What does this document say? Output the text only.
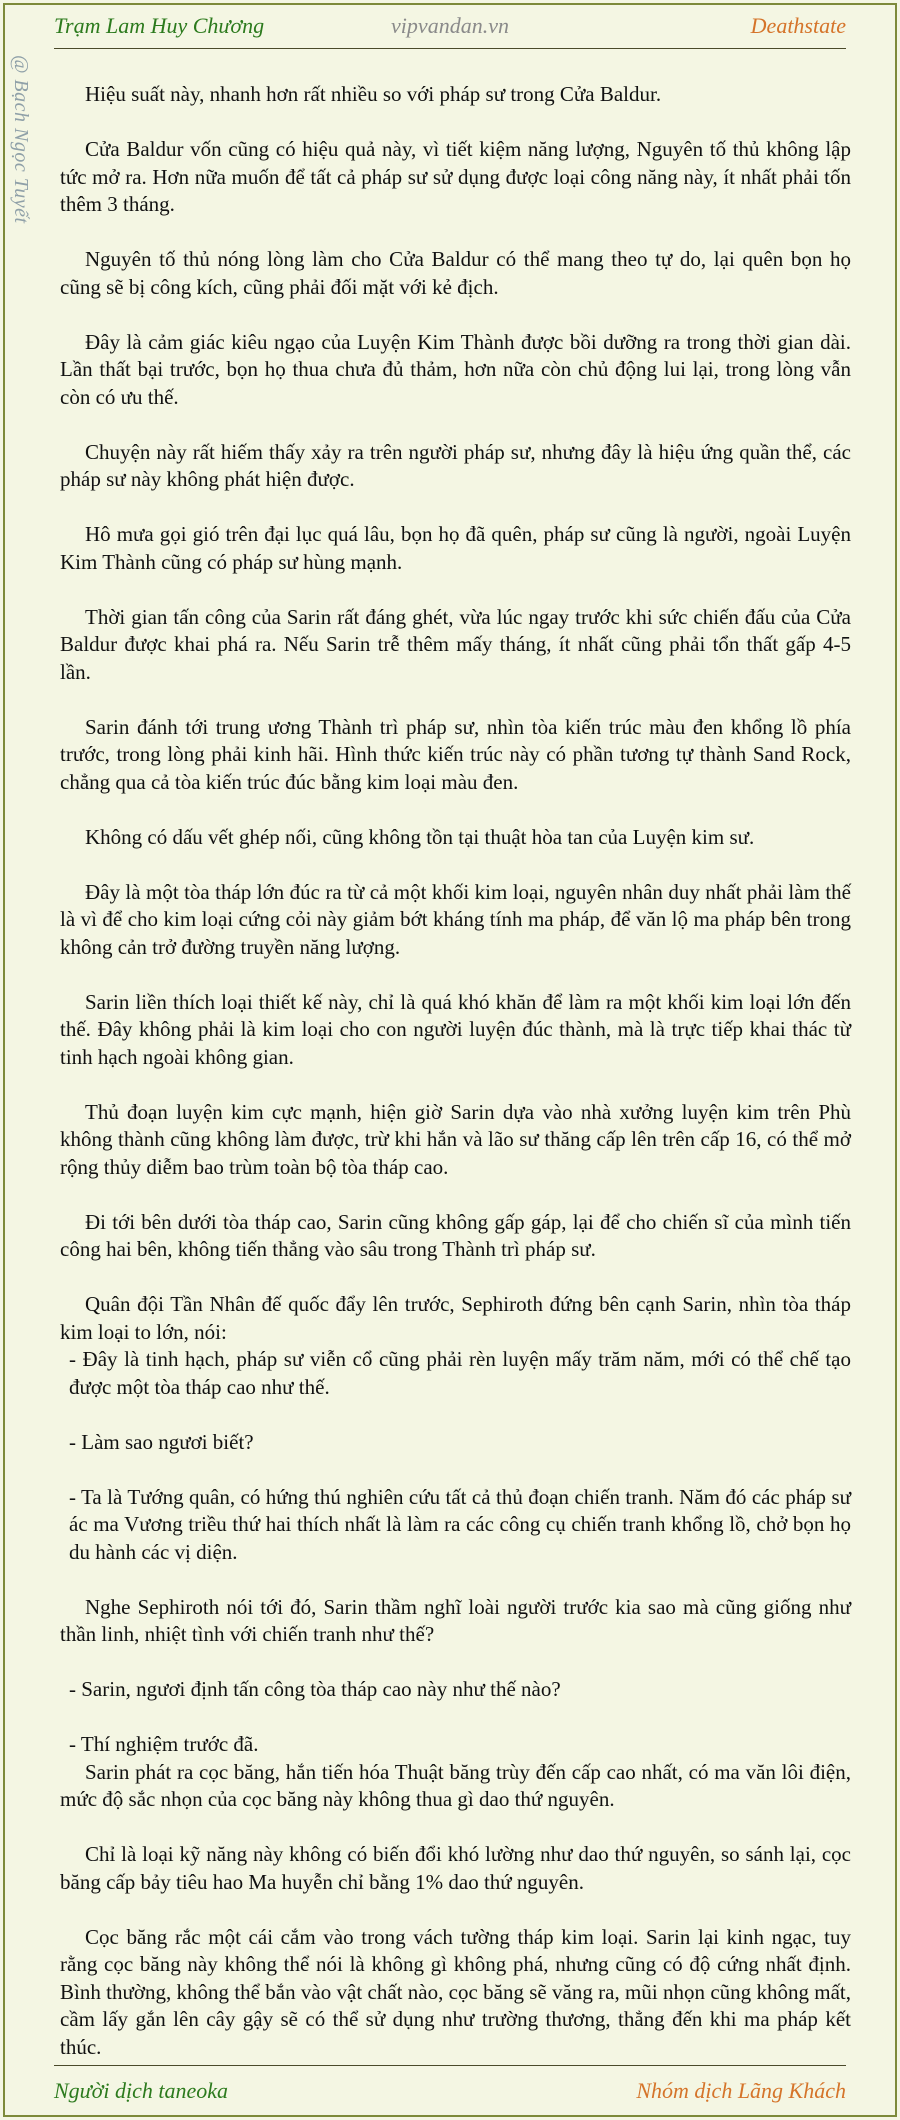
Trạm Lam Huy Chương	vipvandan.vn	Deathstate
@ Bạch Ngọc Tuyết	Hiệu suất này, nhanh hơn rất nhiều so với pháp sư trong Cửa Baldur.

Cửa Baldur vốn cũng có hiệu quả này, vì tiết kiệm năng lượng, Nguyên tố thủ không lập tức mở ra. Hơn nữa muốn để tất cả pháp sư sử dụng được loại công năng này, ít nhất phải tốn thêm 3 tháng.

Nguyên tố thủ nóng lòng làm cho Cửa Baldur có thể mang theo tự do, lại quên bọn họ cũng sẽ bị công kích, cũng phải đối mặt với kẻ địch.

Đây là cảm giác kiêu ngạo của Luyện Kim Thành được bồi dưỡng ra trong thời gian dài. Lần thất bại trước, bọn họ thua chưa đủ thảm, hơn nữa còn chủ động lui lại, trong lòng vẫn còn có ưu thế.

Chuyện này rất hiếm thấy xảy ra trên người pháp sư, nhưng đây là hiệu ứng quần thể, các pháp sư này không phát hiện được.

Hô mưa gọi gió trên đại lục quá lâu, bọn họ đã quên, pháp sư cũng là người, ngoài Luyện Kim Thành cũng có pháp sư hùng mạnh.

Thời gian tấn công của Sarin rất đáng ghét, vừa lúc ngay trước khi sức chiến đấu của Cửa Baldur được khai phá ra. Nếu Sarin trễ thêm mấy tháng, ít nhất cũng phải tổn thất gấp 4-5 lần.

Sarin đánh tới trung ương Thành trì pháp sư, nhìn tòa kiến trúc màu đen khổng lồ phía trước, trong lòng phải kinh hãi. Hình thức kiến trúc này có phần tương tự thành Sand Rock, chẳng qua cả tòa kiến trúc đúc bằng kim loại màu đen.

Không có dấu vết ghép nối, cũng không tồn tại thuật hòa tan của Luyện kim sư.

Đây là một tòa tháp lớn đúc ra từ cả một khối kim loại, nguyên nhân duy nhất phải làm thế là vì để cho kim loại cứng cỏi này giảm bớt kháng tính ma pháp, để văn lộ ma pháp bên trong không cản trở đường truyền năng lượng.

Sarin liền thích loại thiết kế này, chỉ là quá khó khăn để làm ra một khối kim loại lớn đến thế. Đây không phải là kim loại cho con người luyện đúc thành, mà là trực tiếp khai thác từ tinh hạch ngoài không gian.

Thủ đoạn luyện kim cực mạnh, hiện giờ Sarin dựa vào nhà xưởng luyện kim trên Phù không thành cũng không làm được, trừ khi hắn và lão sư thăng cấp lên trên cấp 16, có thể mở rộng thủy diễm bao trùm toàn bộ tòa tháp cao.

Đi tới bên dưới tòa tháp cao, Sarin cũng không gấp gáp, lại để cho chiến sĩ của mình tiến công hai bên, không tiến thẳng vào sâu trong Thành trì pháp sư.

Quân đội Tần Nhân đế quốc đẩy lên trước, Sephiroth đứng bên cạnh Sarin, nhìn tòa tháp kim loại to lớn, nói:

- Đây là tinh hạch, pháp sư viễn cổ cũng phải rèn luyện mấy trăm năm, mới có thể chế tạo được một tòa tháp cao như thế.

- Làm sao ngươi biết?

- Ta là Tướng quân, có hứng thú nghiên cứu tất cả thủ đoạn chiến tranh. Năm đó các pháp sư ác ma Vương triều thứ hai thích nhất là làm ra các công cụ chiến tranh khổng lồ, chở bọn họ du hành các vị diện.

Nghe Sephiroth nói tới đó, Sarin thầm nghĩ loài người trước kia sao mà cũng giống như thần linh, nhiệt tình với chiến tranh như thế?

- Sarin, ngươi định tấn công tòa tháp cao này như thế nào?

- Thí nghiệm trước đã.

Sarin phát ra cọc băng, hắn tiến hóa Thuật băng trùy đến cấp cao nhất, có ma văn lôi điện, mức độ sắc nhọn của cọc băng này không thua gì dao thứ nguyên.

Chỉ là loại kỹ năng này không có biến đổi khó lường như dao thứ nguyên, so sánh lại, cọc băng cấp bảy tiêu hao Ma huyễn chỉ bằng 1% dao thứ nguyên.

Cọc băng rắc một cái cắm vào trong vách tường tháp kim loại. Sarin lại kinh ngạc, tuy rằng cọc băng này không thể nói là không gì không phá, nhưng cũng có độ cứng nhất định. Bình thường, không thể bắn vào vật chất nào, cọc băng sẽ văng ra, mũi nhọn cũng không mất, cầm lấy gắn lên cây gậy sẽ có thể sử dụng như trường thương, thẳng đến khi ma pháp kết thúc.

Người dịch taneoka	Nhóm dịch Lãng Khách
